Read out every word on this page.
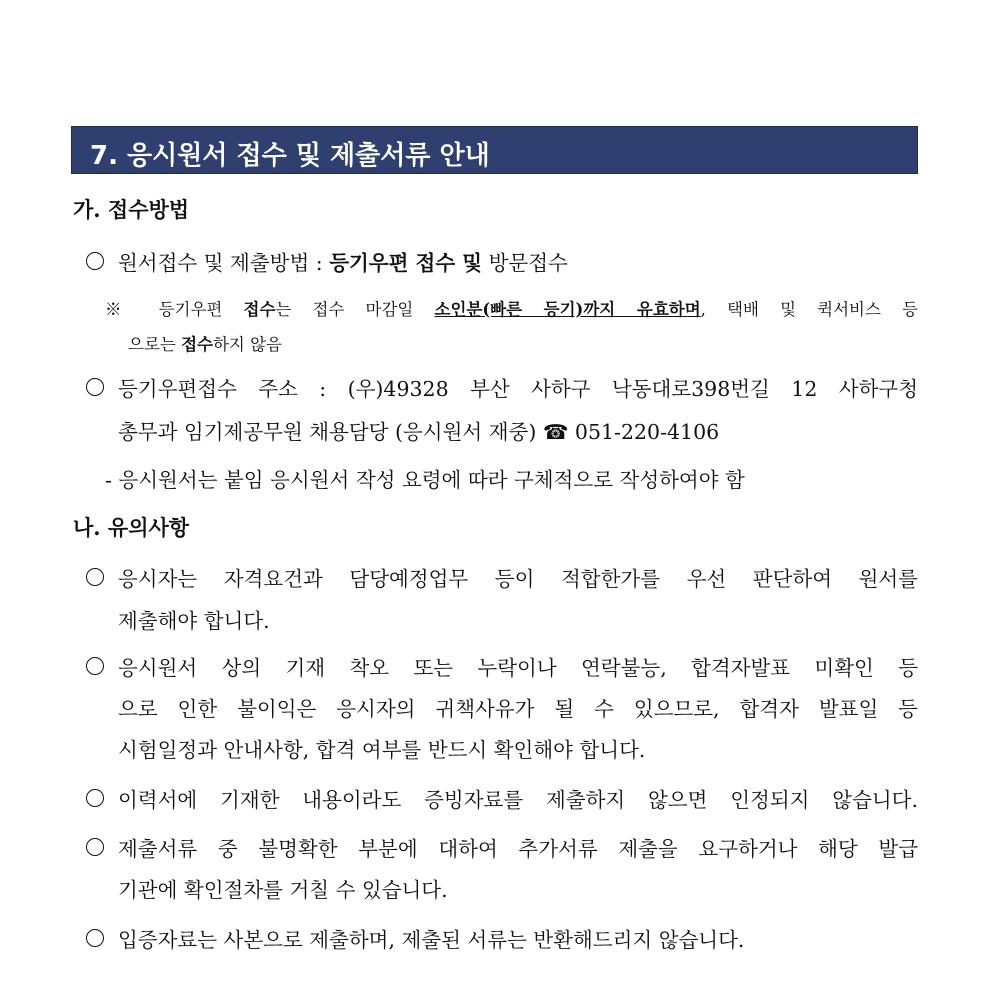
7. 응시원서 접수 및 제출서류 안내
가. 접수방법
원서접수 및 제출방법 : 등기우편 접수 및 방문접수
※ 등기우편 접수는 접수 마감일 소인분(빠른 등기)까지 유효하며, 택배 및 퀵서비스 등
으로는 접수하지 않음
등기우편접수 주소 : (우)49328 부산 사하구 낙동대로398번길 12 사하구청
총무과 임기제공무원 채용담당 (응시원서 재중) ☎ 051-220-4106
- 응시원서는 붙임 응시원서 작성 요령에 따라 구체적으로 작성하여야 함
나. 유의사항
응시자는 자격요건과 담당예정업무 등이 적합한가를 우선 판단하여 원서를
제출해야 합니다.
응시원서 상의 기재 착오 또는 누락이나 연락불능, 합격자발표 미확인 등
으로 인한 불이익은 응시자의 귀책사유가 될 수 있으므로, 합격자 발표일 등
시험일정과 안내사항, 합격 여부를 반드시 확인해야 합니다.
이력서에 기재한 내용이라도 증빙자료를 제출하지 않으면 인정되지 않습니다.
제출서류 중 불명확한 부분에 대하여 추가서류 제출을 요구하거나 해당 발급
기관에 확인절차를 거칠 수 있습니다.
입증자료는 사본으로 제출하며, 제출된 서류는 반환해드리지 않습니다.
